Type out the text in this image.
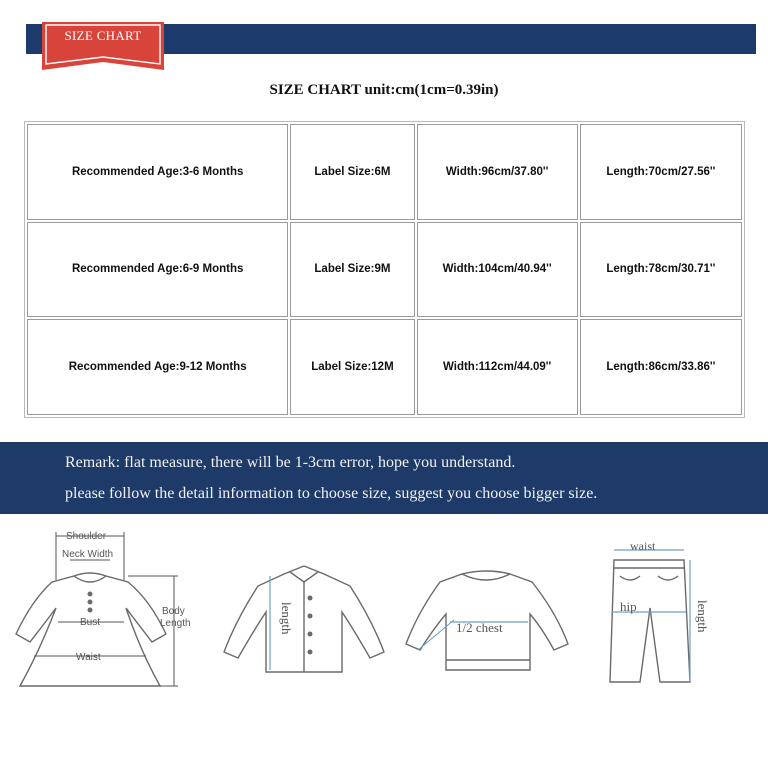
SIZE CHART
SIZE CHART unit:cm(1cm=0.39in)
Recommended Age:3-6 Months	Label Size:6M	Width:96cm/37.80''	Length:70cm/27.56''
Recommended Age:6-9 Months	Label Size:9M	Width:104cm/40.94''	Length:78cm/30.71''
Recommended Age:9-12 Months	Label Size:12M	Width:112cm/44.09''	Length:86cm/33.86''
Remark: flat measure, there will be 1-3cm error, hope you understand.
please follow the detail information to choose size, suggest you choose bigger size.
Shoulder
Neck Width
Bust
Waist
Body
Length	length	1/2 chest
waist
hip	length
